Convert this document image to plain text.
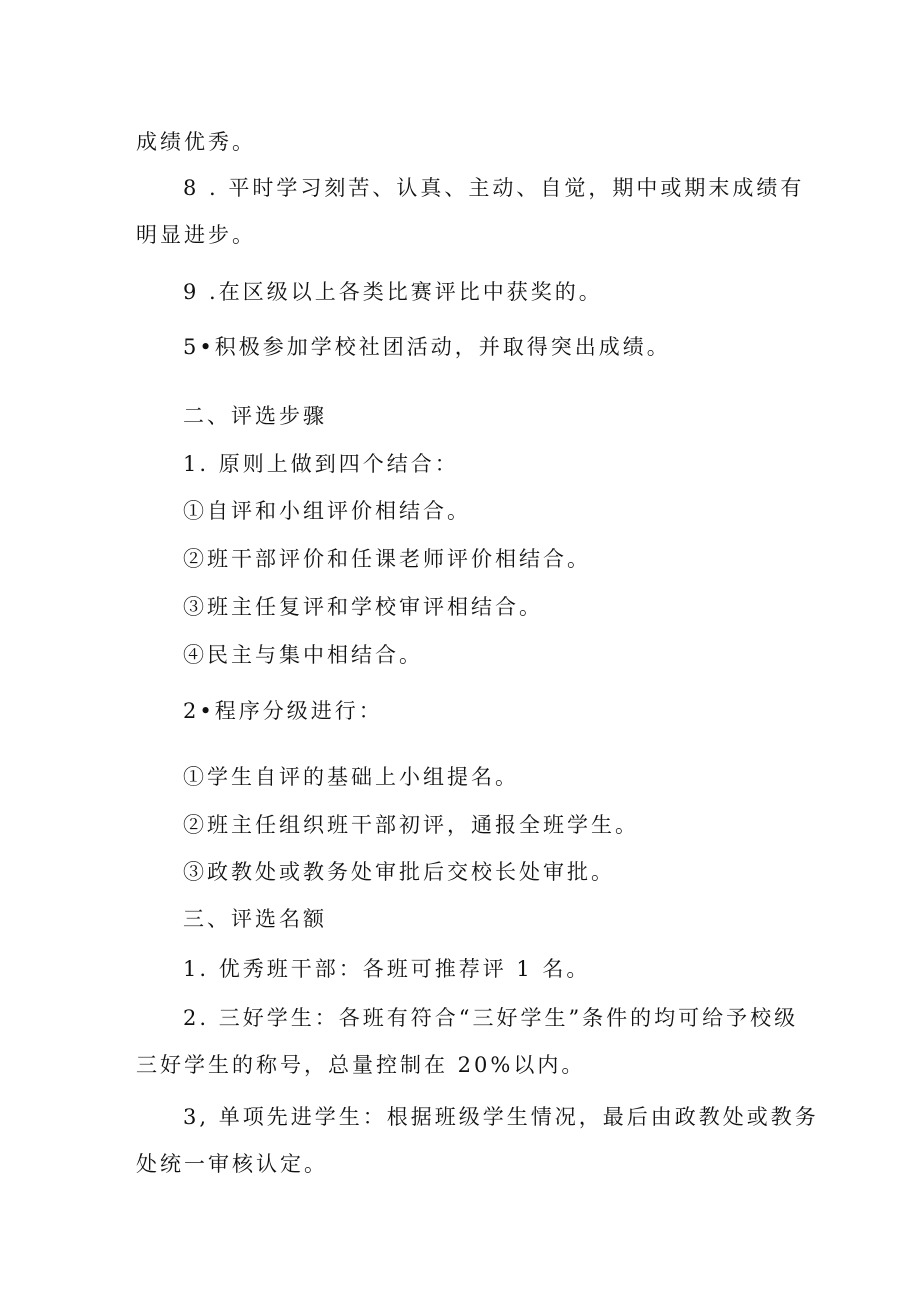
成绩优秀。
8 . 平时学习刻苦、认真、主动、自觉，期中或期末成绩有
明显进步。
9 .在区级以上各类比赛评比中获奖的。
5•积极参加学校社团活动，并取得突出成绩。
二、评选步骤
1. 原则上做到四个结合：
①自评和小组评价相结合。
②班干部评价和任课老师评价相结合。
③班主任复评和学校审评相结合。
④民主与集中相结合。
2•程序分级进行：
①学生自评的基础上小组提名。
②班主任组织班干部初评，通报全班学生。
③政教处或教务处审批后交校长处审批。
三、评选名额
1. 优秀班干部：各班可推荐评 1 名。
2. 三好学生：各班有符合“三好学生”条件的均可给予校级
三好学生的称号，总量控制在 20%以内。
3, 单项先进学生：根据班级学生情况，最后由政教处或教务
处统一审核认定。
